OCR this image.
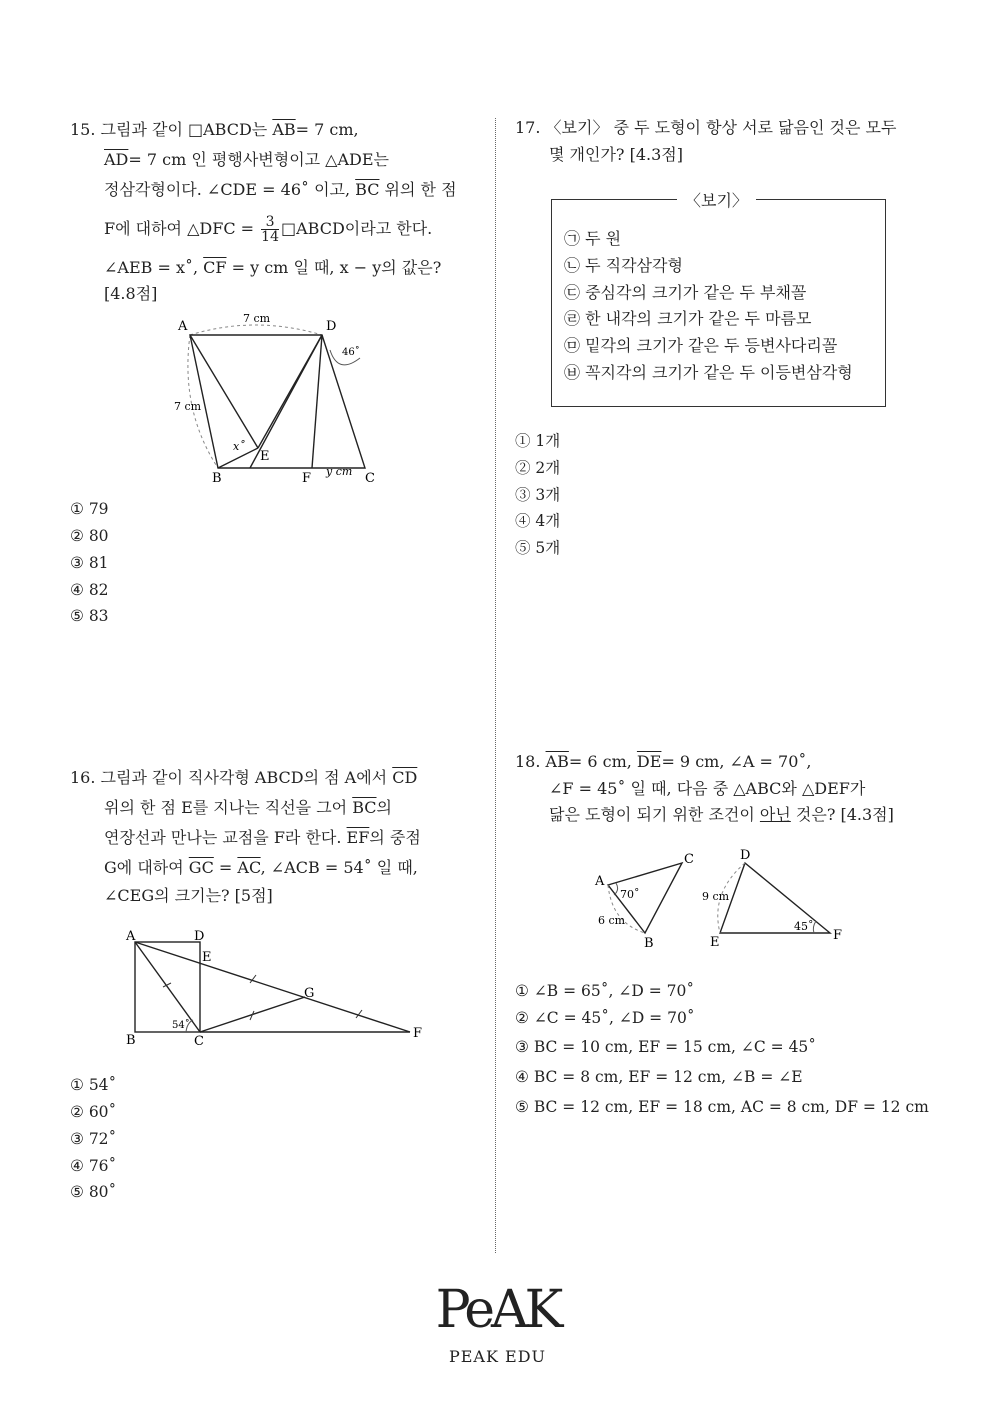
15. 그림과 같이 □ABCD는 $\overline{AB}= 7$ cm,
$\overline{AD}= 7$ cm 인 평행사변형이고 △ADE는
정삼각형이다. ∠CDE = 46˚ 이고, $\overline{BC}$ 위의 한 점
F에 대하여 △DFC = $\frac{3}{14}$ □ABCD이라고 한다.
∠AEB = x˚, $\overline{CF} = y$ cm 일 때, x − y의 값은?
[4.8점]
A	D
B
E
F	C
7 cm
7 cm
46˚
x˚
y cm
① 79
② 80
③ 81
④ 82
⑤ 83
16. 그림과 같이 직사각형 ABCD의 점 A에서 $\overline{CD}$
위의 한 점 E를 지나는 직선을 그어 $\overline{BC}$의
연장선과 만나는 교점을 F라 한다. $\overline{EF}$의 중점
G에 대하여 $\overline{GC} = \overline{AC}$, ∠ACB = 54˚ 일 때,
∠CEG의 크기는? [5점]
A	D
E
B	C
G
F
54˚
① 54˚
② 60˚
③ 72˚
④ 76˚
⑤ 80˚
17. 〈보기〉 중 두 도형이 항상 서로 닮음인 것은 모두
몇 개인가? [4.3점]
〈보기〉
㉠ 두 원
㉡ 두 직각삼각형
㉢ 중심각의 크기가 같은 두 부채꼴
㉣ 한 내각의 크기가 같은 두 마름모
㉤ 밑각의 크기가 같은 두 등변사다리꼴
㉥ 꼭지각의 크기가 같은 두 이등변삼각형
① 1개
② 2개
③ 3개
④ 4개
⑤ 5개
18. $\overline{AB}= 6$ cm, $\overline{DE}= 9$ cm, ∠A = 70˚,
∠F = 45˚ 일 때, 다음 중 △ABC와 △DEF가
닮은 도형이 되기 위한 조건이 아닌 것은? [4.3점]
A
C
B
70˚
6 cm
D
E	F
9 cm
45˚
① ∠B = 65˚, ∠D = 70˚
② ∠C = 45˚, ∠D = 70˚
③ BC = 10 cm, EF = 15 cm, ∠C = 45˚
④ BC = 8 cm, EF = 12 cm, ∠B = ∠E
⑤ BC = 12 cm, EF = 18 cm, AC = 8 cm, DF = 12 cm
PeAK
PEAK EDU
